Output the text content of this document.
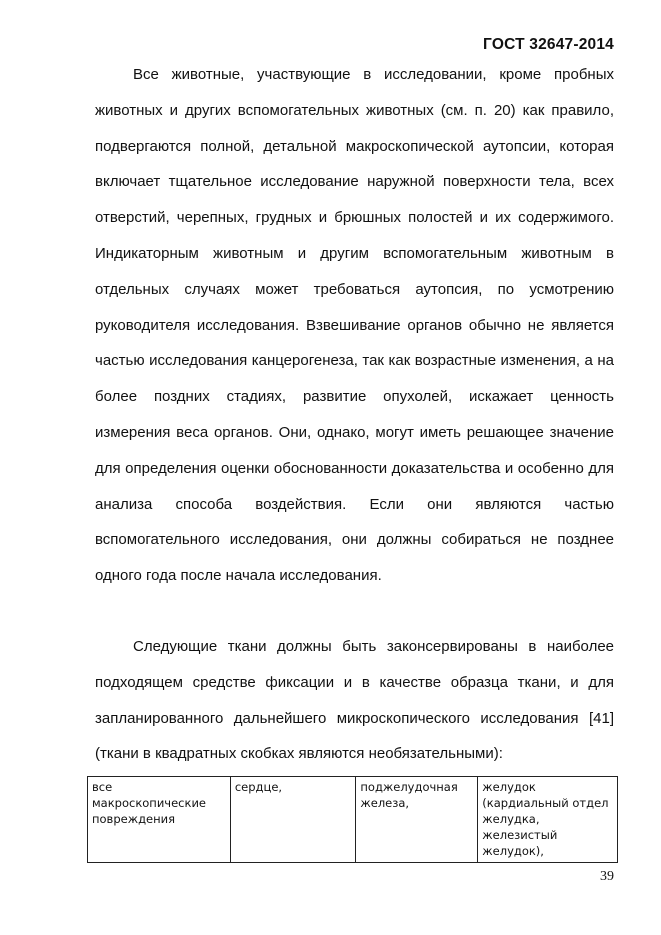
ГОСТ 32647-2014

Все животные, участвующие в исследовании, кроме пробных животных и других вспомогательных животных (см. п. 20) как правило, подвергаются полной, детальной макроскопической аутопсии, которая включает тщательное исследование наружной поверхности тела, всех отверстий, черепных, грудных и брюшных полостей и их содержимого. Индикаторным животным и другим вспомогательным животным в отдельных случаях может требоваться аутопсия, по усмотрению руководителя исследования. Взвешивание органов обычно не является частью исследования канцерогенеза, так как возрастные изменения, а на более поздних стадиях, развитие опухолей, искажает ценность измерения веса органов. Они, однако, могут иметь решающее значение для определения оценки обоснованности доказательства и особенно для анализа способа воздействия. Если они являются частью вспомогательного исследования, они должны собираться не позднее одного года после начала исследования.

Следующие ткани должны быть законсервированы в наиболее подходящем средстве фиксации и в качестве образца ткани, и для запланированного дальнейшего микроскопического исследования [41] (ткани в квадратных скобках являются необязательными):

все макроскопические повреждения	сердце,	поджелудочная железа,	желудок (кардиальный отдел желудка, железистый желудок),
39
